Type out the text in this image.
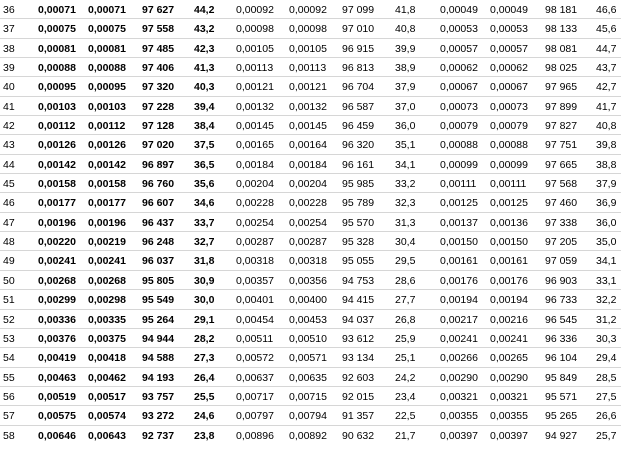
36 0,00071 0,00071 97 627 44,2 0,00092 0,00092 97 099 41,8 0,00049 0,00049 98 181 46,6
37 0,00075 0,00075 97 558 43,2 0,00098 0,00098 97 010 40,8 0,00053 0,00053 98 133 45,6
38 0,00081 0,00081 97 485 42,3 0,00105 0,00105 96 915 39,9 0,00057 0,00057 98 081 44,7
39 0,00088 0,00088 97 406 41,3 0,00113 0,00113 96 813 38,9 0,00062 0,00062 98 025 43,7
40 0,00095 0,00095 97 320 40,3 0,00121 0,00121 96 704 37,9 0,00067 0,00067 97 965 42,7
41 0,00103 0,00103 97 228 39,4 0,00132 0,00132 96 587 37,0 0,00073 0,00073 97 899 41,7
42 0,00112 0,00112 97 128 38,4 0,00145 0,00145 96 459 36,0 0,00079 0,00079 97 827 40,8
43 0,00126 0,00126 97 020 37,5 0,00165 0,00164 96 320 35,1 0,00088 0,00088 97 751 39,8
44 0,00142 0,00142 96 897 36,5 0,00184 0,00184 96 161 34,1 0,00099 0,00099 97 665 38,8
45 0,00158 0,00158 96 760 35,6 0,00204 0,00204 95 985 33,2 0,00111 0,00111 97 568 37,9
46 0,00177 0,00177 96 607 34,6 0,00228 0,00228 95 789 32,3 0,00125 0,00125 97 460 36,9
47 0,00196 0,00196 96 437 33,7 0,00254 0,00254 95 570 31,3 0,00137 0,00136 97 338 36,0
48 0,00220 0,00219 96 248 32,7 0,00287 0,00287 95 328 30,4 0,00150 0,00150 97 205 35,0
49 0,00241 0,00241 96 037 31,8 0,00318 0,00318 95 055 29,5 0,00161 0,00161 97 059 34,1
50 0,00268 0,00268 95 805 30,9 0,00357 0,00356 94 753 28,6 0,00176 0,00176 96 903 33,1
51 0,00299 0,00298 95 549 30,0 0,00401 0,00400 94 415 27,7 0,00194 0,00194 96 733 32,2
52 0,00336 0,00335 95 264 29,1 0,00454 0,00453 94 037 26,8 0,00217 0,00216 96 545 31,2
53 0,00376 0,00375 94 944 28,2 0,00511 0,00510 93 612 25,9 0,00241 0,00241 96 336 30,3
54 0,00419 0,00418 94 588 27,3 0,00572 0,00571 93 134 25,1 0,00266 0,00265 96 104 29,4
55 0,00463 0,00462 94 193 26,4 0,00637 0,00635 92 603 24,2 0,00290 0,00290 95 849 28,5
56 0,00519 0,00517 93 757 25,5 0,00717 0,00715 92 015 23,4 0,00321 0,00321 95 571 27,5
57 0,00575 0,00574 93 272 24,6 0,00797 0,00794 91 357 22,5 0,00355 0,00355 95 265 26,6
58 0,00646 0,00643 92 737 23,8 0,00896 0,00892 90 632 21,7 0,00397 0,00397 94 927 25,7
